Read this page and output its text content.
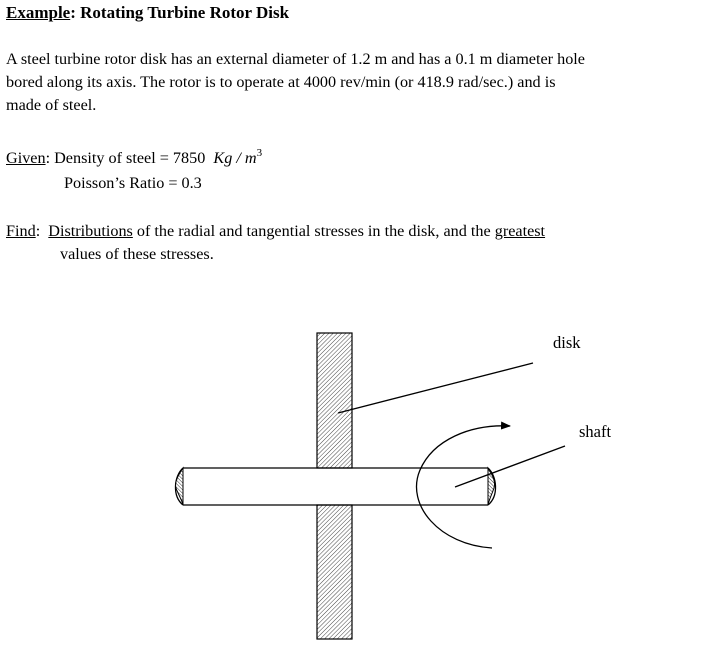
Example: Rotating Turbine Rotor Disk
A steel turbine rotor disk has an external diameter of 1.2 m and has a 0.1 m diameter hole
bored along its axis. The rotor is to operate at 4000 rev/min (or 418.9 rad/sec.) and is
made of steel.
Given: Density of steel = 7850 Kg / $m^3$
Poisson’s Ratio = 0.3
Find: Distributions of the radial and tangential stresses in the disk, and the greatest
values of these stresses.
disk
shaft
